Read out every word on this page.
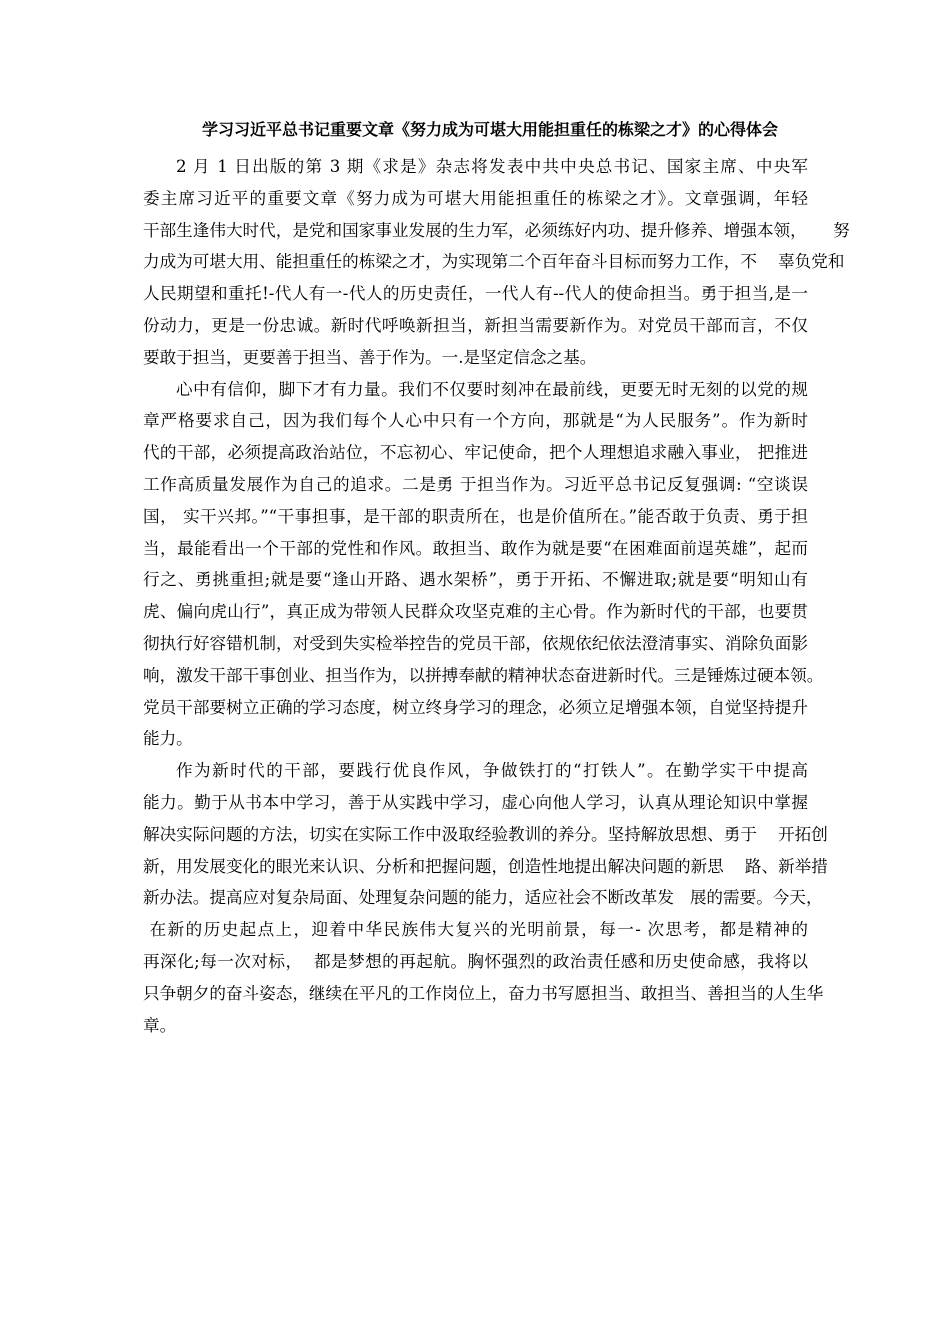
学习习近平总书记重要文章《努力成为可堪大用能担重任的栋梁之才》的心得体会
2 月 1 日出版的第 3 期《求是》杂志将发表中共中央总书记、国家主席、中央军
委主席习近平的重要文章《努力成为可堪大用能担重任的栋梁之才》。文章强调，年轻
干部生逢伟大时代，是党和国家事业发展的生力军，必须练好内功、提升修养、增强本领，     努
力成为可堪大用、能担重任的栋梁之才，为实现第二个百年奋斗目标而努力工作，不    辜负党和
人民期望和重托!-代人有一-代人的历史责任，一代人有--代人的使命担当。勇于担当,是一
份动力，更是一份忠诚。新时代呼唤新担当，新担当需要新作为。对党员干部而言，不仅
要敢于担当，更要善于担当、善于作为。一.是坚定信念之基。
心中有信仰，脚下才有力量。我们不仅要时刻冲在最前线，更要无时无刻的以党的规
章严格要求自己，因为我们每个人心中只有一个方向，那就是“为人民服务”。作为新时
代的干部，必须提高政治站位，不忘初心、牢记使命，把个人理想追求融入事业， 把推进
工作高质量发展作为自己的追求。二是勇 于担当作为。习近平总书记反复强调: “空谈误
国， 实干兴邦。”“干事担事，是干部的职责所在，也是价值所在。”能否敢于负责、勇于担
当，最能看出一个干部的党性和作风。敢担当、敢作为就是要“在困难面前逞英雄”，起而
行之、勇挑重担;就是要“逢山开路、遇水架桥”，勇于开拓、不懈进取;就是要“明知山有
虎、偏向虎山行”，真正成为带领人民群众攻坚克难的主心骨。作为新时代的干部，也要贯
彻执行好容错机制，对受到失实检举控告的党员干部，依规依纪依法澄清事实、消除负面影
响，激发干部干事创业、担当作为，以拼搏奉献的精神状态奋进新时代。三是锤炼过硬本领。
党员干部要树立正确的学习态度，树立终身学习的理念，必须立足增强本领，自觉坚持提升
能力。
作为新时代的干部，要践行优良作风，争做铁打的“打铁人”。在勤学实干中提高
能力。勤于从书本中学习，善于从实践中学习，虚心向他人学习，认真从理论知识中掌握
解决实际问题的方法，切实在实际工作中汲取经验教训的养分。坚持解放思想、勇于    开拓创
新，用发展变化的眼光来认识、分析和把握问题，创造性地提出解决问题的新思    路、新举措
新办法。提高应对复杂局面、处理复杂问题的能力，适应社会不断改革发   展的需要。今天，
在新的历史起点上，迎着中华民族伟大复兴的光明前景，每一- 次思考，都是精神的
再深化;每一次对标，  都是梦想的再起航。胸怀强烈的政治责任感和历史使命感，我将以
只争朝夕的奋斗姿态，继续在平凡的工作岗位上，奋力书写愿担当、敢担当、善担当的人生华
章。
